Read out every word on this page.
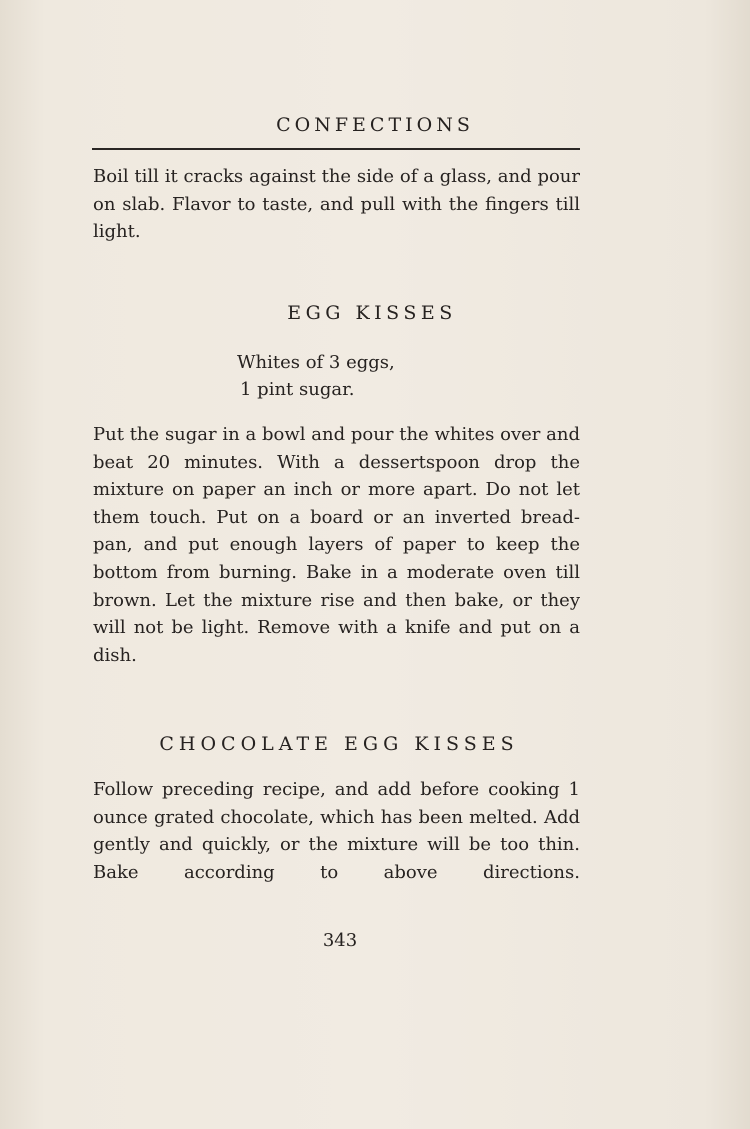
CONFECTIONS

Boil till it cracks against the side of a glass, and pour on slab. Flavor to taste, and pull with the fingers till light.

EGG KISSES
Whites of 3 eggs,
1 pint sugar.

Put the sugar in a bowl and pour the whites over and beat 20 minutes. With a dessertspoon drop the mixture on paper an inch or more apart. Do not let them touch. Put on a board or an inverted bread-pan, and put enough layers of paper to keep the bottom from burning. Bake in a moderate oven till brown. Let the mixture rise and then bake, or they will not be light. Remove with a knife and put on a dish.

CHOCOLATE EGG KISSES

Follow preceding recipe, and add before cooking 1 ounce grated chocolate, which has been melted. Add gently and quickly, or the mixture will be too thin. Bake according to above directions.

343
